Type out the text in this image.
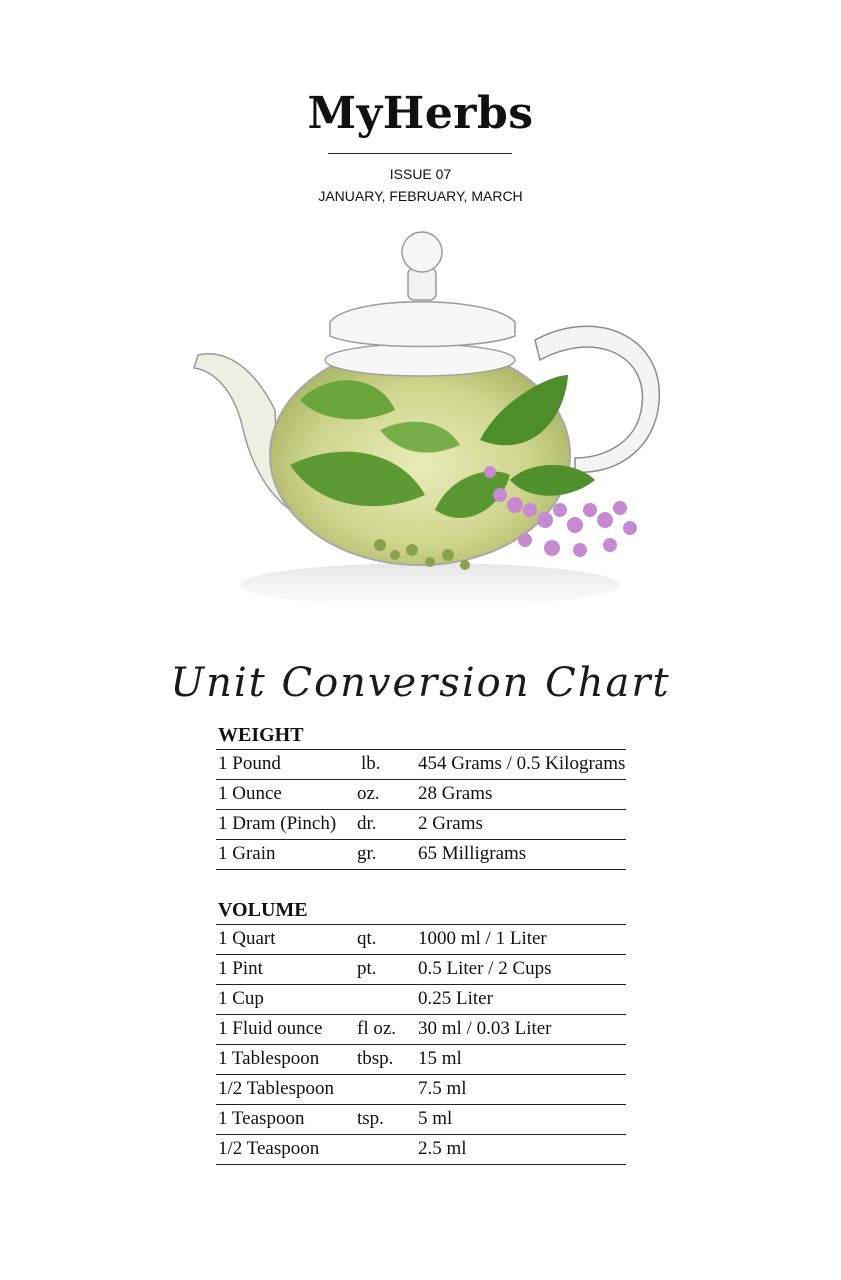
MyHerbs
ISSUE 07
JANUARY, FEBRUARY, MARCH
Unit Conversion Chart
WEIGHT
1 Pound	lb. 454 Grams / 0.5 Kilograms
1 Ounce	oz. 28 Grams
1 Dram (Pinch) dr. 2 Grams
1 Grain	gr. 65 Milligrams
VOLUME
1 Quart	qt. 1000 ml / 1 Liter
1 Pint	pt. 0.5 Liter / 2 Cups
1 Cup	0.25 Liter
1 Fluid ounce fl oz. 30 ml / 0.03 Liter
1 Tablespoon tbsp. 15 ml
1/2 Tablespoon	7.5 ml
1 Teaspoon	tsp. 5 ml
1/2 Teaspoon	2.5 ml
